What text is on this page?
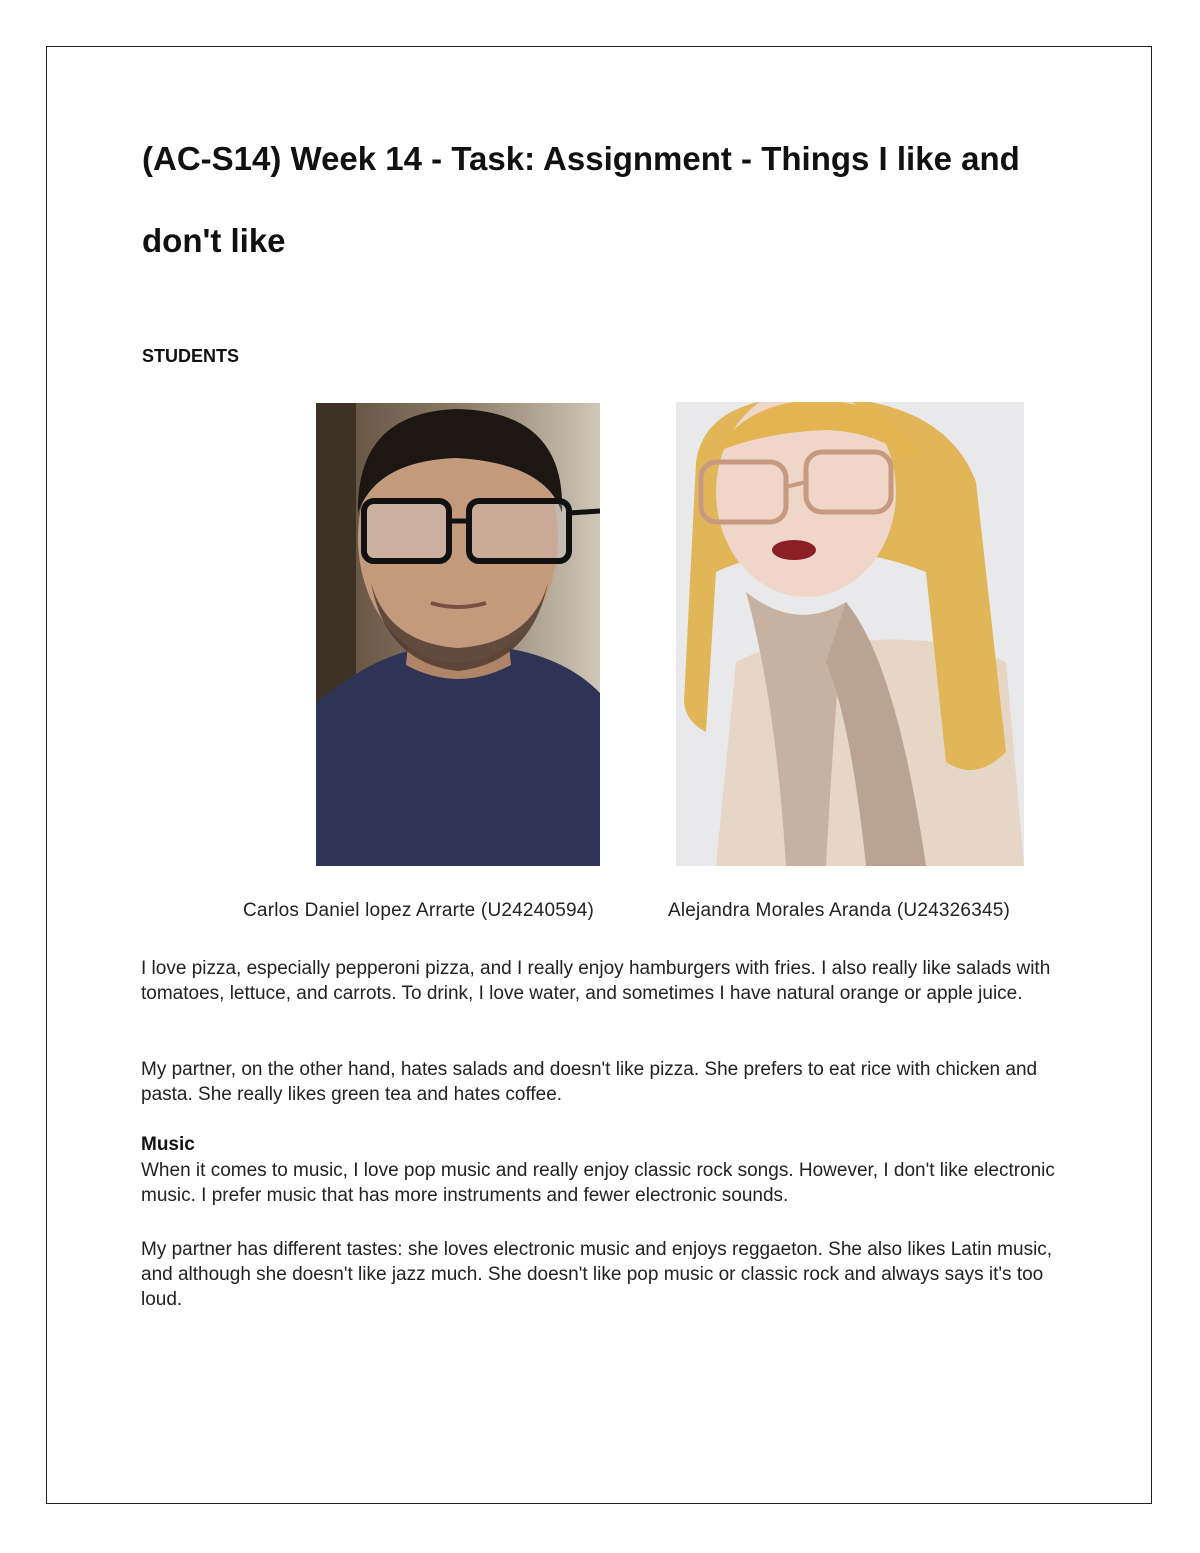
(AC-S14) Week 14 - Task: Assignment - Things I like and don't like
STUDENTS
Carlos Daniel lopez Arrarte (U24240594)	Alejandra Morales Aranda (U24326345)

I love pizza, especially pepperoni pizza, and I really enjoy hamburgers with fries. I also really like salads with tomatoes, lettuce, and carrots. To drink, I love water, and sometimes I have natural orange or apple juice.

My partner, on the other hand, hates salads and doesn't like pizza. She prefers to eat rice with chicken and pasta. She really likes green tea and hates coffee.

Music

When it comes to music, I love pop music and really enjoy classic rock songs. However, I don't like electronic music. I prefer music that has more instruments and fewer electronic sounds.

My partner has different tastes: she loves electronic music and enjoys reggaeton. She also likes Latin music, and although she doesn't like jazz much. She doesn't like pop music or classic rock and always says it's too loud.
